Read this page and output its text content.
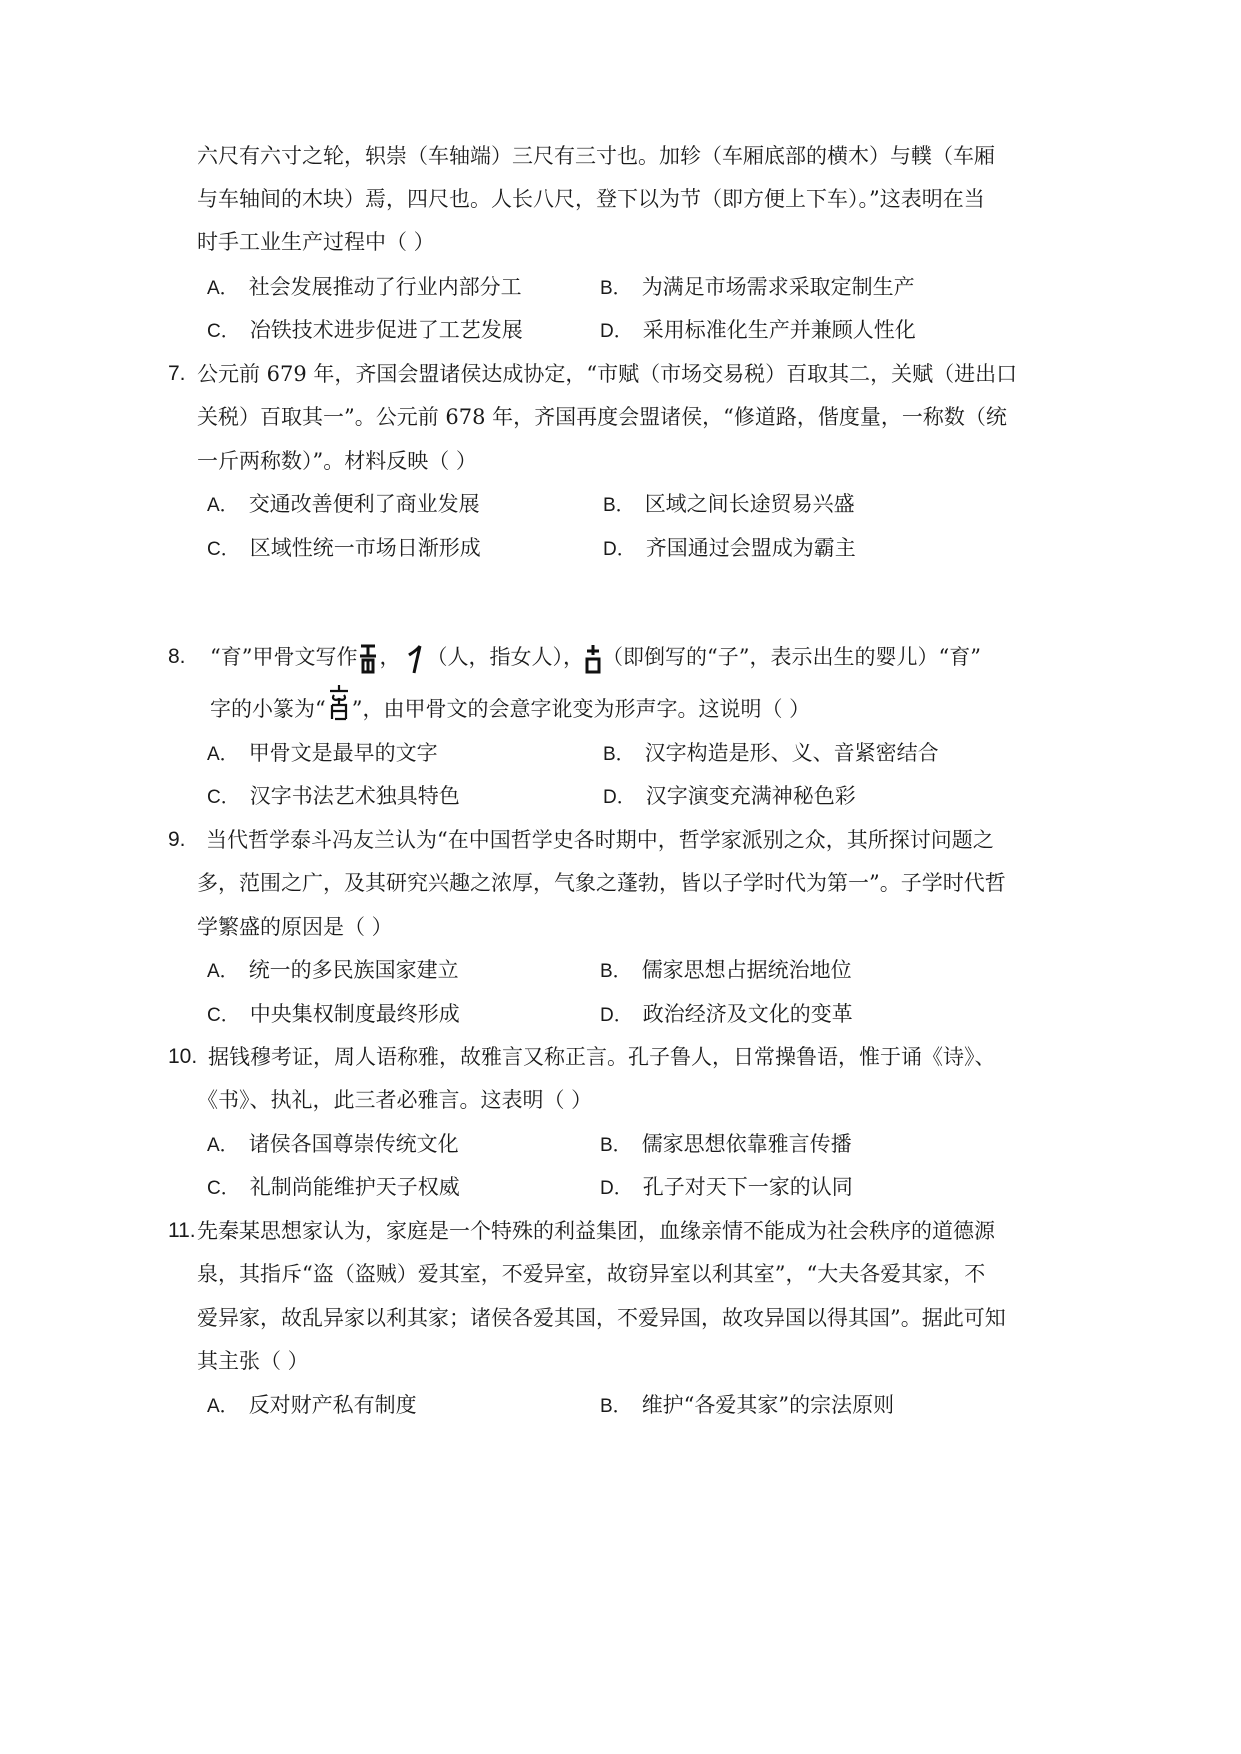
六尺有六寸之轮，轵崇（车轴端）三尺有三寸也。加轸（车厢底部的横木）与轐（车厢
与车轴间的木块）焉，四尺也。人长八尺，登下以为节（即方便上下车）。”这表明在当
时手工业生产过程中（ ）
A． 社会发展推动了行业内部分工	B． 为满足市场需求采取定制生产
C． 冶铁技术进步促进了工艺发展	D． 采用标准化生产并兼顾人性化
7. 公元前 679 年，齐国会盟诸侯达成协定，“市赋（市场交易税）百取其二，关赋（进出口
关税）百取其一”。公元前 678 年，齐国再度会盟诸侯，“修道路，偕度量，一称数（统
一斤两称数）”。材料反映（ ）
A． 交通改善便利了商业发展	B． 区域之间长途贸易兴盛
C． 区域性统一市场日渐形成	D． 齐国通过会盟成为霸主
8. “育”甲骨文写作 ， （人，指女人）， （即倒写的“子”，表示出生的婴儿）“育”
字的小篆为“ ”，由甲骨文的会意字讹变为形声字。这说明（ ）
A． 甲骨文是最早的文字	B． 汉字构造是形、义、音紧密结合
C． 汉字书法艺术独具特色	D． 汉字演变充满神秘色彩
9. 当代哲学泰斗冯友兰认为“在中国哲学史各时期中，哲学家派别之众，其所探讨问题之
多，范围之广，及其研究兴趣之浓厚，气象之蓬勃，皆以子学时代为第一”。子学时代哲
学繁盛的原因是（ ）
A． 统一的多民族国家建立	B． 儒家思想占据统治地位
C． 中央集权制度最终形成	D． 政治经济及文化的变革
10. 据钱穆考证，周人语称雅，故雅言又称正言。孔子鲁人，日常操鲁语，惟于诵《诗》、
《书》、执礼，此三者必雅言。这表明（ ）
A． 诸侯各国尊崇传统文化	B． 儒家思想依靠雅言传播
C． 礼制尚能维护天子权威	D． 孔子对天下一家的认同
11. 先秦某思想家认为，家庭是一个特殊的利益集团，血缘亲情不能成为社会秩序的道德源
泉，其指斥“盗（盗贼）爱其室，不爱异室，故窃异室以利其室”，“大夫各爱其家，不
爱异家，故乱异家以利其家；诸侯各爱其国，不爱异国，故攻异国以得其国”。据此可知
其主张（ ）
A． 反对财产私有制度	B． 维护“各爱其家”的宗法原则
